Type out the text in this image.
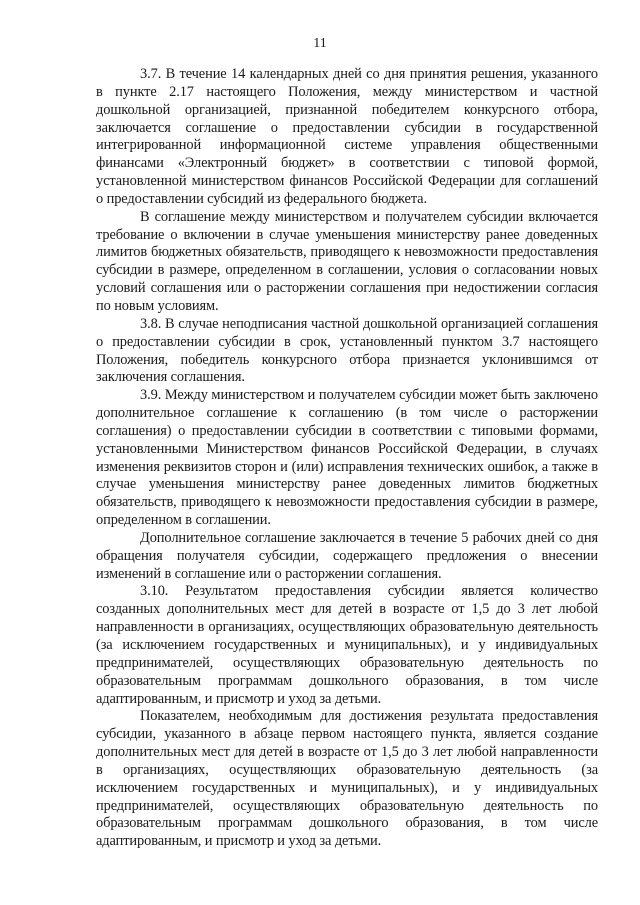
11

3.7. В течение 14 календарных дней со дня принятия решения, указанного в пункте 2.17 настоящего Положения, между министерством и частной дошкольной организацией, признанной победителем конкурсного отбора, заключается соглашение о предоставлении субсидии в государственной интегрированной информационной системе управления общественными финансами «Электронный бюджет» в соответствии с типовой формой, установленной министерством финансов Российской Федерации для соглашений о предоставлении субсидий из федерального бюджета.

В соглашение между министерством и получателем субсидии включается требование о включении в случае уменьшения министерству ранее доведенных лимитов бюджетных обязательств, приводящего к невозможности предоставления субсидии в размере, определенном в соглашении, условия о согласовании новых условий соглашения или о расторжении соглашения при недостижении согласия по новым условиям.

3.8. В случае неподписания частной дошкольной организацией соглашения о предоставлении субсидии в срок, установленный пунктом 3.7 настоящего Положения, победитель конкурсного отбора признается уклонившимся от заключения соглашения.

3.9. Между министерством и получателем субсидии может быть заключено дополнительное соглашение к соглашению (в том числе о расторжении соглашения) о предоставлении субсидии в соответствии с типовыми формами, установленными Министерством финансов Российской Федерации, в случаях изменения реквизитов сторон и (или) исправления технических ошибок, а также в случае уменьшения министерству ранее доведенных лимитов бюджетных обязательств, приводящего к невозможности предоставления субсидии в размере, определенном в соглашении.

Дополнительное соглашение заключается в течение 5 рабочих дней со дня обращения получателя субсидии, содержащего предложения о внесении изменений в соглашение или о расторжении соглашения.

3.10. Результатом предоставления субсидии является количество созданных дополнительных мест для детей в возрасте от 1,5 до 3 лет любой направленности в организациях, осуществляющих образовательную деятельность (за исключением государственных и муниципальных), и у индивидуальных предпринимателей, осуществляющих образовательную деятельность по образовательным программам дошкольного образования, в том числе адаптированным, и присмотр и уход за детьми.

Показателем, необходимым для достижения результата предоставления субсидии, указанного в абзаце первом настоящего пункта, является создание дополнительных мест для детей в возрасте от 1,5 до 3 лет любой направленности в организациях, осуществляющих образовательную деятельность (за исключением государственных и муниципальных), и у индивидуальных предпринимателей, осуществляющих образовательную деятельность по образовательным программам дошкольного образования, в том числе адаптированным, и присмотр и уход за детьми.
